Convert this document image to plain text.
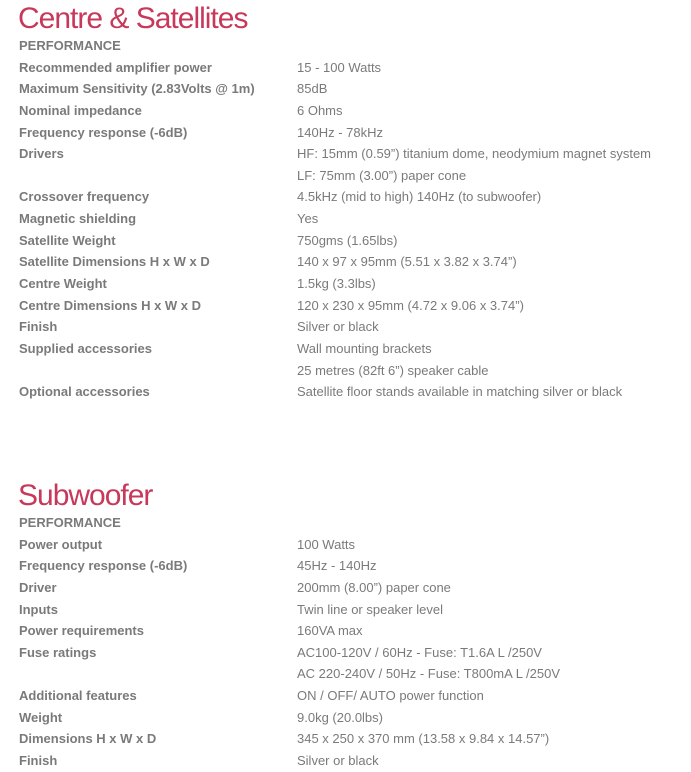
Centre & Satellites
PERFORMANCE
Recommended amplifier power	15 - 100 Watts
Maximum Sensitivity (2.83Volts @ 1m)	85dB
Nominal impedance	6 Ohms
Frequency response (-6dB)	140Hz - 78kHz
Drivers	HF: 15mm (0.59”) titanium dome, neodymium magnet system
LF: 75mm (3.00”) paper cone
Crossover frequency	4.5kHz (mid to high) 140Hz (to subwoofer)
Magnetic shielding	Yes
Satellite Weight	750gms (1.65lbs)
Satellite Dimensions H x W x D	140 x 97 x 95mm (5.51 x 3.82 x 3.74”)
Centre Weight	1.5kg (3.3lbs)
Centre Dimensions H x W x D	120 x 230 x 95mm (4.72 x 9.06 x 3.74”)
Finish	Silver or black
Supplied accessories	Wall mounting brackets
25 metres (82ft 6”) speaker cable
Optional accessories	Satellite floor stands available in matching silver or black
Subwoofer
PERFORMANCE
Power output	100 Watts
Frequency response (-6dB)	45Hz - 140Hz
Driver	200mm (8.00”) paper cone
Inputs	Twin line or speaker level
Power requirements	160VA max
Fuse ratings	AC100-120V / 60Hz - Fuse: T1.6A L /250V
AC 220-240V / 50Hz - Fuse: T800mA L /250V
Additional features	ON / OFF/ AUTO power function
Weight	9.0kg (20.0lbs)
Dimensions H x W x D	345 x 250 x 370 mm (13.58 x 9.84 x 14.57”)
Finish	Silver or black
